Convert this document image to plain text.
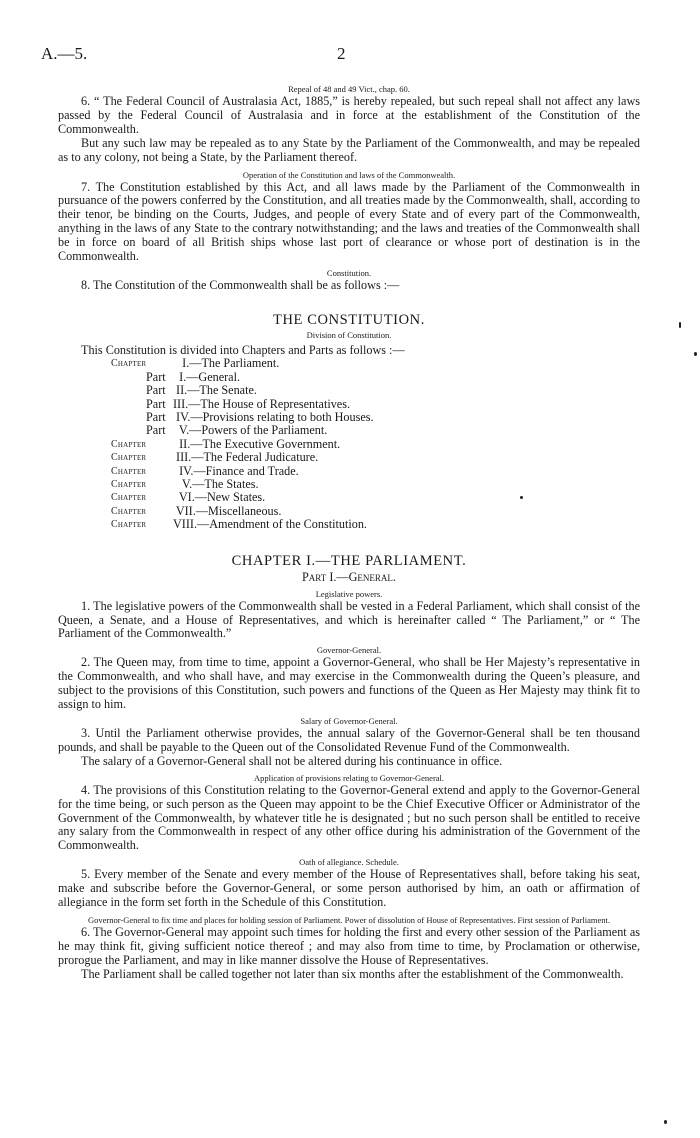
A.—5.	2
Repeal of 48 and 49 Vict., chap. 60.

6. “ The Federal Council of Australasia Act, 1885,” is hereby repealed, but such repeal shall not affect any laws passed by the Federal Council of Australasia and in force at the establishment of the Constitution of the Commonwealth.

But any such law may be repealed as to any State by the Parliament of the Commonwealth, and may be repealed as to any colony, not being a State, by the Parliament thereof.

Operation of the Constitution and laws of the Commonwealth.

7. The Constitution established by this Act, and all laws made by the Parliament of the Commonwealth in pursuance of the powers conferred by the Constitution, and all treaties made by the Commonwealth, shall, according to their tenor, be binding on the Courts, Judges, and people of every State and of every part of the Commonwealth, anything in the laws of any State to the contrary notwithstanding; and the laws and treaties of the Commonwealth shall be in force on board of all British ships whose last port of clearance or whose port of destination is in the Commonwealth.

Constitution.

8. The Constitution of the Commonwealth shall be as follows :—

THE CONSTITUTION.
Division of Constitution.
This Constitution is divided into Chapters and Parts as follows :—
Chapter	I. —The Parliament.
Part I. —General.
Part II. —The Senate.
Part III. —The House of Representatives.
Part IV. —Provisions relating to both Houses.
Part V. —Powers of the Parliament.
Chapter	II. —The Executive Government.
Chapter	III. —The Federal Judicature.
Chapter	IV. —Finance and Trade.
Chapter	V. —The States.
Chapter	VI. —New States.
Chapter	VII. —Miscellaneous.
Chapter	VIII. —Amendment of the Constitution.
CHAPTER I.—THE PARLIAMENT.
Part I.—General.
Legislative powers.

1. The legislative powers of the Commonwealth shall be vested in a Federal Parliament, which shall consist of the Queen, a Senate, and a House of Representatives, and which is hereinafter called “ The Parliament,” or “ The Parliament of the Commonwealth.”

Governor-General.

2. The Queen may, from time to time, appoint a Governor-General, who shall be Her Majesty’s representative in the Commonwealth, and who shall have, and may exercise in the Commonwealth during the Queen’s pleasure, and subject to the provisions of this Constitution, such powers and functions of the Queen as Her Majesty may think fit to assign to him.

Salary of Governor-General.

3. Until the Parliament otherwise provides, the annual salary of the Governor-General shall be ten thousand pounds, and shall be payable to the Queen out of the Consolidated Revenue Fund of the Commonwealth.

The salary of a Governor-General shall not be altered during his continuance in office.

Application of provisions relating to Governor-General.

4. The provisions of this Constitution relating to the Governor-General extend and apply to the Governor-General for the time being, or such person as the Queen may appoint to be the Chief Executive Officer or Administrator of the Government of the Commonwealth, by whatever title he is designated ; but no such person shall be entitled to receive any salary from the Commonwealth in respect of any other office during his administration of the Government of the Commonwealth.

Oath of allegiance. Schedule.

5. Every member of the Senate and every member of the House of Representatives shall, before taking his seat, make and subscribe before the Governor-General, or some person authorised by him, an oath or affirmation of allegiance in the form set forth in the Schedule of this Constitution.

Governor-General to fix time and places for holding session of Parliament. Power of dissolution of House of Representatives. First session of Parliament.

6. The Governor-General may appoint such times for holding the first and every other session of the Parliament as he may think fit, giving sufficient notice thereof ; and may also from time to time, by Proclamation or otherwise, prorogue the Parliament, and may in like manner dissolve the House of Representatives.

The Parliament shall be called together not later than six months after the establishment of the Commonwealth.
